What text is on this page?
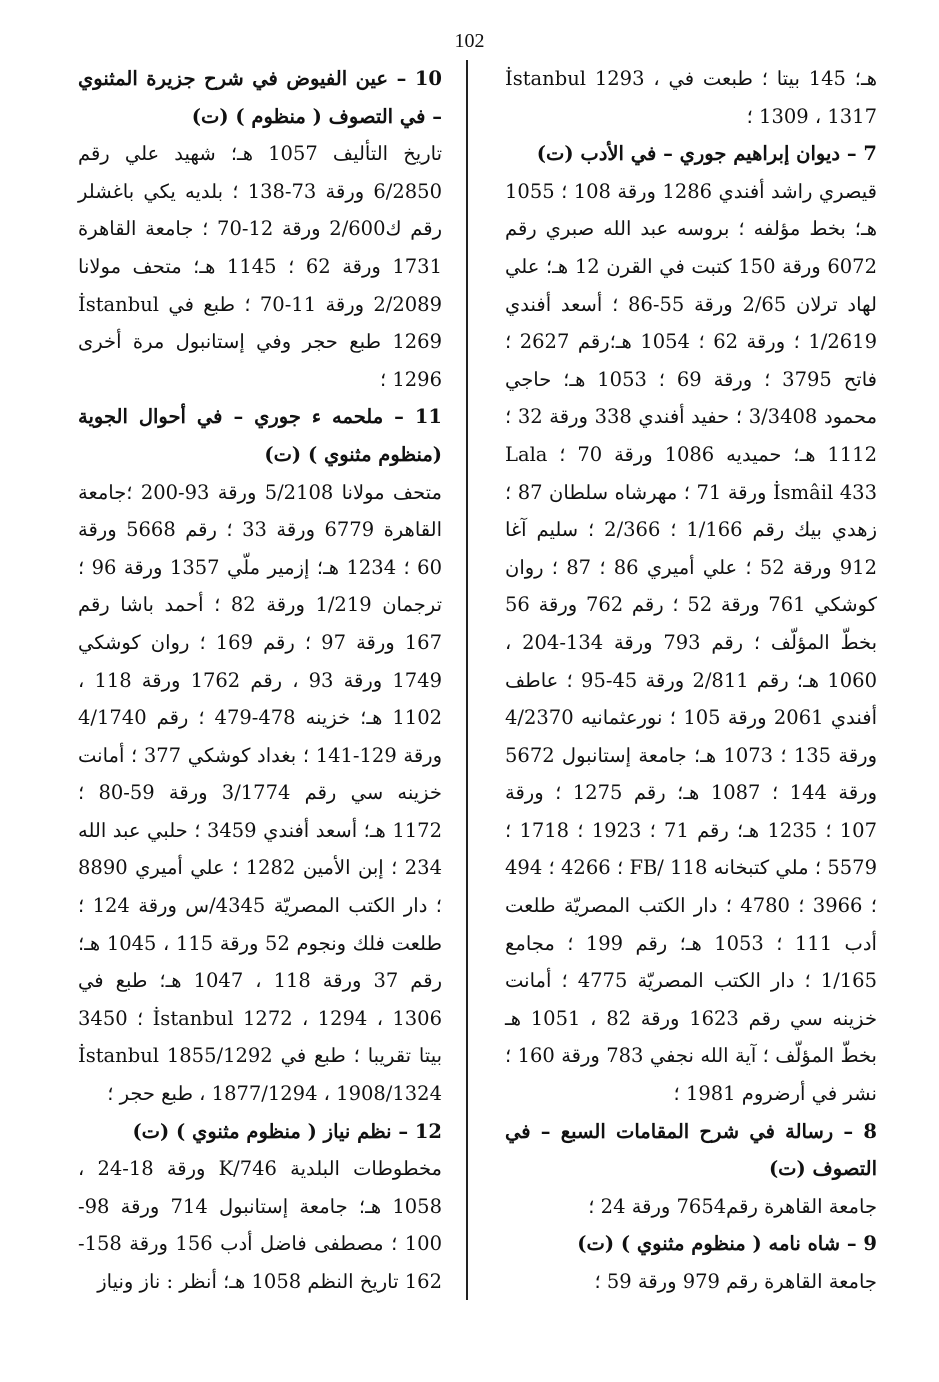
102

هـ؛ 145 بيتا ؛ طبعت في İstanbul 1293 ، 1309 ، 1317 ؛

7 – ديوان إبراهيم جوري – في الأدب (ت)

قيصري راشد أفندي 1286 ورقة 108 ؛ 1055 هـ؛ بخط مؤلفه ؛ بروسه عبد الله صبري رقم 6072 ورقة 150 كتبت في القرن 12 هـ؛ علي لهاد ترلان 2/65 ورقة 55-86 ؛ أسعد أفندي 1/2619 ؛ ورقة 62 ؛ 1054 هـ؛رقم 2627 ؛ فاتح 3795 ؛ ورقة 69 ؛ 1053 هـ؛ حاجي محمود 3/3408 ؛ حفيد أفندي 338 ورقة 32 ؛ 1112 هـ؛ حميديه 1086 ورقة 70 ؛ Lala İsmâil 433 ورقة 71 ؛ مهرشاه سلطان 87 ؛ زهدي بيك رقم 1/166 ؛ 2/366 ؛ سليم آغا 912 ورقة 52 ؛ علي أميري 86 ؛ 87 ؛ روان كوشكي 761 ورقة 52 ؛ رقم 762 ورقة 56 بخطّ المؤلّف ؛ رقم 793 ورقة 134-204 ، 1060 هـ؛ رقم 2/811 ورقة 45-95 ؛ عاطف أفندي 2061 ورقة 105 ؛ نورعثمانيه 4/2370 ورقة 135 ؛ 1073 هـ؛ جامعة إستانبول 5672 ورقة 144 ؛ 1087 هـ؛ رقم 1275 ؛ ورقة 107 ؛ 1235 هـ؛ رقم 71 ؛ 1923 ؛ 1718 ؛ 5579 ؛ ملي كتبخانه FB/ 118 ؛ 4266 ؛ 494 ؛ 3966 ؛ 4780 ؛ دار الكتب المصريّة طلعت أدب 111 ؛ 1053 هـ؛ رقم 199 ؛ مجامع 1/165 ؛ دار الكتب المصريّة 4775 ؛ أمانت خزينه سي رقم 1623 ورقة 82 ، 1051 هـ بخطّ المؤلّف ؛ آية الله نجفي 783 ورقة 160 ؛ نشر في أرضروم 1981 ؛

8 – رسالة في شرح المقامات السبع – في التصوف (ت)

جامعة القاهرة رقم7654 ورقة 24 ؛

9 – شاه نامه ( منظوم مثنوي ) (ت)

جامعة القاهرة رقم 979 ورقة 59 ؛

10 – عين الفيوض في شرح جزيرة المثنوي – في التصوف ( منظوم ) (ت)

تاريخ التأليف 1057 هـ؛ شهيد علي رقم 6/2850 ورقة 73-138 ؛ بلديه يكي باغشلر رقم ك2/600 ورقة 12-70 ؛ جامعة القاهرة 1731 ورقة 62 ؛ 1145 هـ؛ متحف مولانا 2/2089 ورقة 11-70 ؛ طبع في İstanbul 1269 طبع حجر وفي إستانبول مرة أخرى 1296 ؛

11 – ملحمه ء جوري – في أحوال الجوية (منظوم مثنوي ) (ت)

متحف مولانا 5/2108 ورقة 93-200 ؛جامعة القاهرة 6779 ورقة 33 ؛ رقم 5668 ورقة 60 ؛ 1234 هـ؛ إزمير ملّي 1357 ورقة 96 ؛ ترجمان 1/219 ورقة 82 ؛ أحمد باشا رقم 167 ورقة 97 ؛ رقم 169 ؛ روان كوشكي 1749 ورقة 93 ، رقم 1762 ورقة 118 ، 1102 هـ؛ خزينه 478-479 ؛ رقم 4/1740 ورقة 129-141 ؛ بغداد كوشكي 377 ؛ أمانت خزينه سي رقم 3/1774 ورقة 59-80 ؛ 1172 هـ؛ أسعد أفندي 3459 ؛ حلبي عبد الله 234 ؛ إبن الأمين 1282 ؛ علي أميري 8890 ؛ دار الكتب المصريّة 4345/س ورقة 124 ؛ طلعت فلك ونجوم 52 ورقة 115 ، 1045 هـ؛ رقم 37 ورقة 118 ، 1047 هـ؛ طبع في İstanbul 1272 ، 1294 ، 1306 ؛ 3450 بيتا تقريبا ؛ طبع في İstanbul 1855/1292 ، 1877/1294 ، 1908/1324 طبع حجر ؛

12 – نظم نياز ( منظوم مثنوي ) (ت)

مخطوطات البلدية K/746 ورقة 18-24 ، 1058 هـ؛ جامعة إستانبول 714 ورقة 98-100 ؛ مصطفى فاضل أدب 156 ورقة 158-162 تاريخ النظم 1058 هـ؛ أنظر : ناز ونياز
